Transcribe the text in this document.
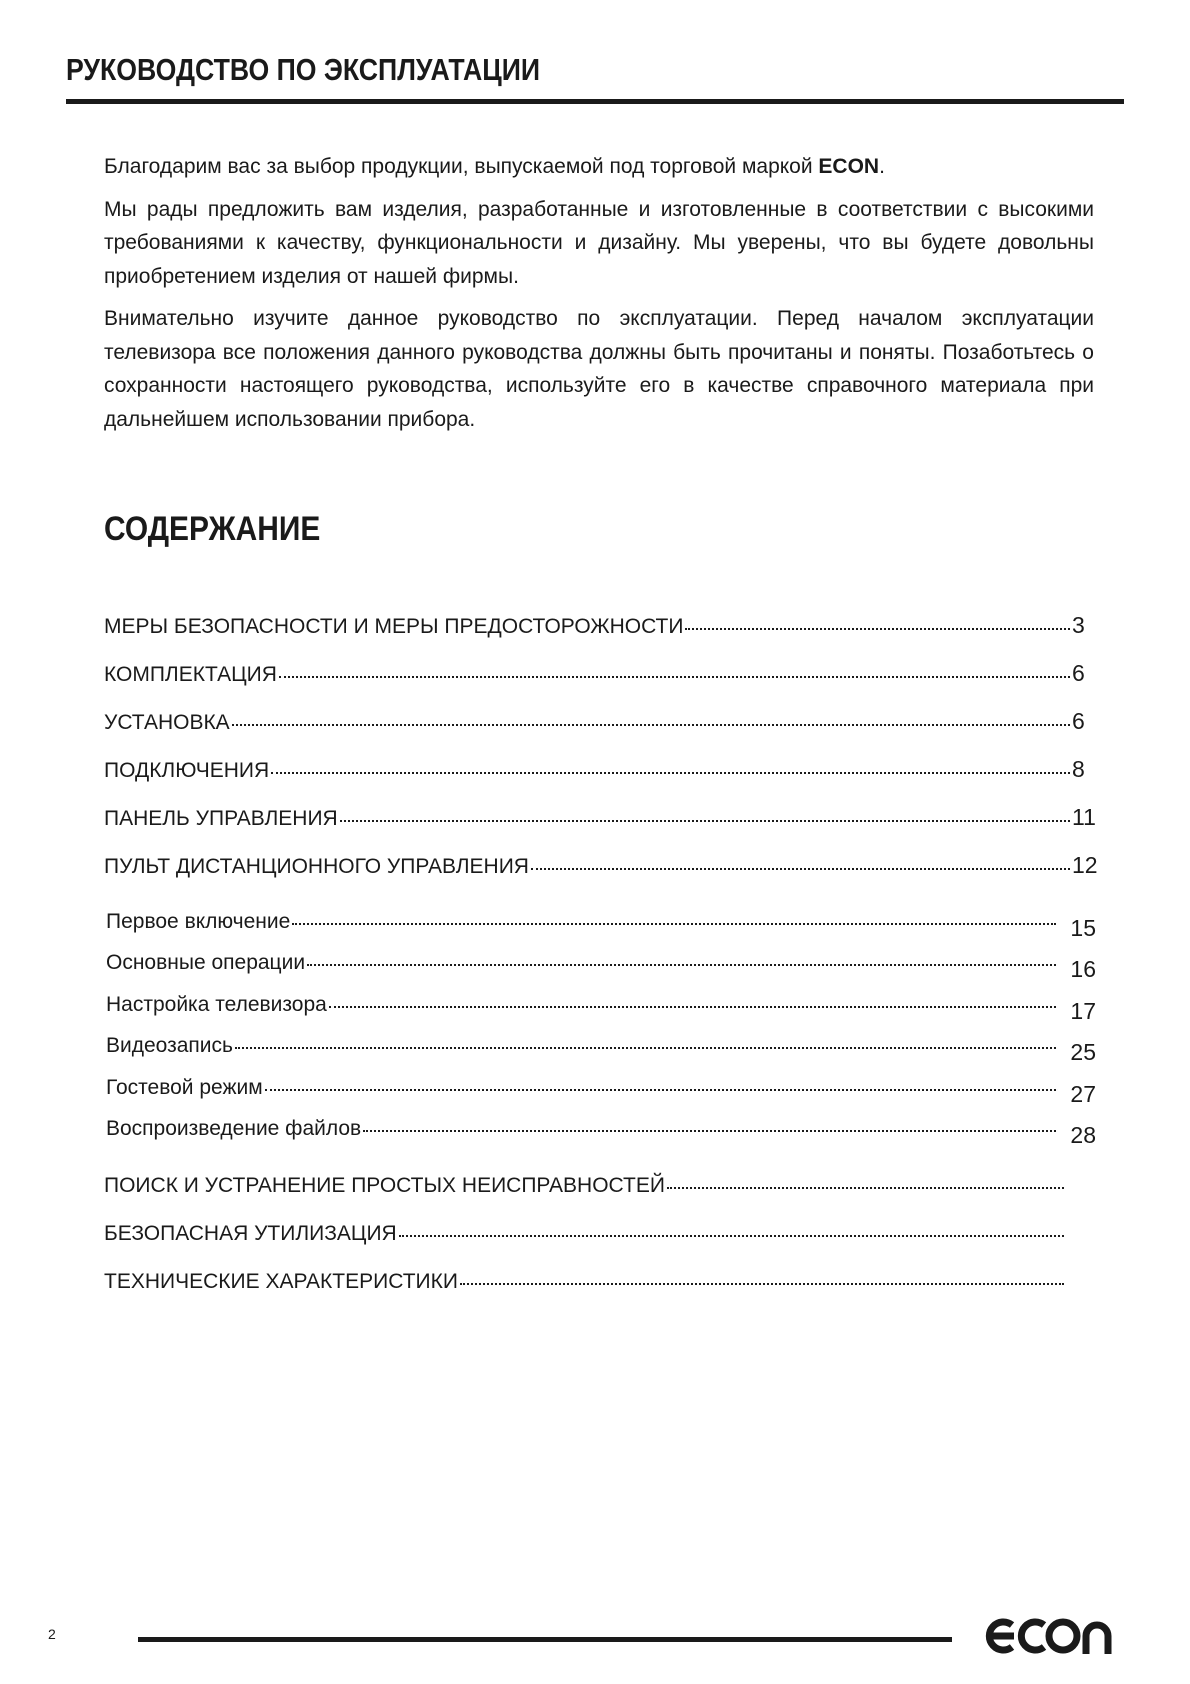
РУКОВОДСТВО ПО ЭКСПЛУАТАЦИИ

Благодарим вас за выбор продукции, выпускаемой под торговой маркой ECON.

Мы рады предложить вам изделия, разработанные и изготовленные в соответствии с высокими требованиями к качеству, функциональности и дизайну. Мы уверены, что вы будете довольны приобретением изделия от нашей фирмы.

Внимательно изучите данное руководство по эксплуатации. Перед началом эксплуатации телевизора все положения данного руководства должны быть прочитаны и поняты. Позаботьтесь о сохранности настоящего руководства, используйте его в качестве справочного материала при дальнейшем использовании прибора.

СОДЕРЖАНИЕ
МЕРЫ БЕЗОПАСНОСТИ И МЕРЫ ПРЕДОСТОРОЖНОСТИ	3
КОМПЛЕКТАЦИЯ	6
УСТАНОВКА	6
ПОДКЛЮЧЕНИЯ	8
ПАНЕЛЬ УПРАВЛЕНИЯ	11
ПУЛЬТ ДИСТАНЦИОННОГО УПРАВЛЕНИЯ	12
Первое включение	15
Основные операции	16
Настройка телевизора	17
Видеозапись	25
Гостевой режим	27
Воспроизведение файлов	28
ПОИСК И УСТРАНЕНИЕ ПРОСТЫХ НЕИСПРАВНОСТЕЙ
БЕЗОПАСНАЯ УТИЛИЗАЦИЯ
ТЕХНИЧЕСКИЕ ХАРАКТЕРИСТИКИ

2
